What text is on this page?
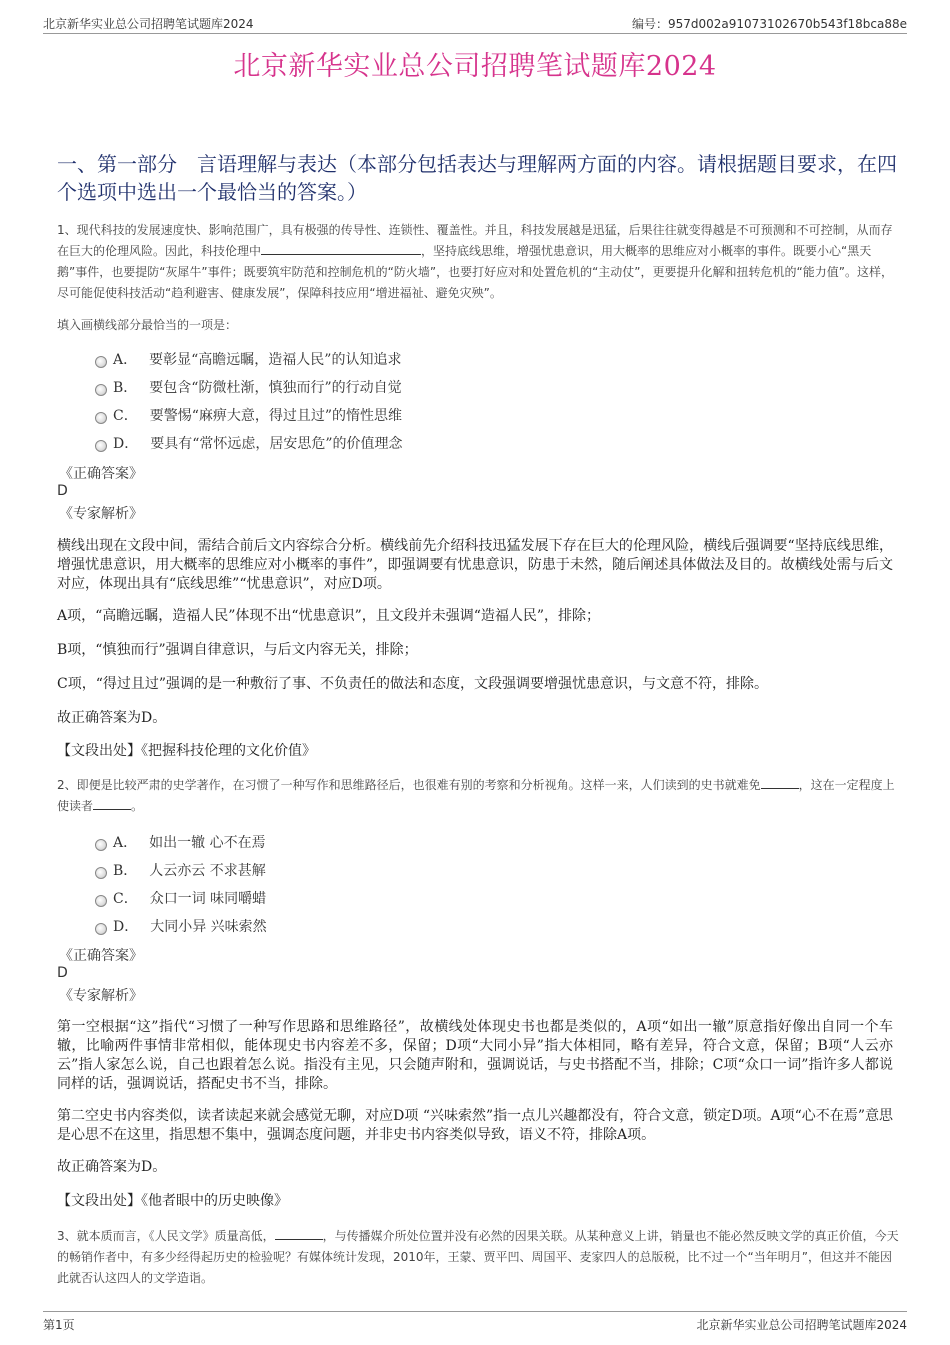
北京新华实业总公司招聘笔试题库2024	编号：957d002a91073102670b543f18bca88e
北京新华实业总公司招聘笔试题库2024
一、第一部分　言语理解与表达（本部分包括表达与理解两方面的内容。请根据题目要求，在四个选项中选出一个最恰当的答案。）
1、现代科技的发展速度快、影响范围广，具有极强的传导性、连锁性、覆盖性。并且，科技发展越是迅猛，后果往往就变得越是不可预测和不可控制，从而存在巨大的伦理风险。因此，科技伦理中	，坚持底线思维，增强忧患意识，用大概率的思维应对小概率的事件。既要小心“黑天鹅”事件，也要提防“灰犀牛”事件；既要筑牢防范和控制危机的“防火墙”，也要打好应对和处置危机的“主动仗”，更要提升化解和扭转危机的“能力值”。这样，尽可能促使科技活动“趋利避害、健康发展”，保障科技应用“增进福祉、避免灾殃”。
填入画横线部分最恰当的一项是：
A． 要彰显“高瞻远瞩，造福人民”的认知追求
B． 要包含“防微杜渐，慎独而行”的行动自觉
C． 要警惕“麻痹大意，得过且过”的惰性思维
D． 要具有“常怀远虑，居安思危”的价值理念
《正确答案》
D
《专家解析》
横线出现在文段中间，需结合前后文内容综合分析。横线前先介绍科技迅猛发展下存在巨大的伦理风险，横线后强调要“坚持底线思维，增强忧患意识，用大概率的思维应对小概率的事件”，即强调要有忧患意识，防患于未然，随后阐述具体做法及目的。故横线处需与后文对应，体现出具有“底线思维”“忧患意识”，对应D项。
A项，“高瞻远瞩，造福人民”体现不出“忧患意识”，且文段并未强调“造福人民”，排除；
B项，“慎独而行”强调自律意识，与后文内容无关，排除；
C项，“得过且过”强调的是一种敷衍了事、不负责任的做法和态度，文段强调要增强忧患意识，与文意不符，排除。
故正确答案为D。
【文段出处】《把握科技伦理的文化价值》
2、即便是比较严肃的史学著作，在习惯了一种写作和思维路径后，也很难有别的考察和分析视角。这样一来，人们读到的史书就难免	，这在一定程度上使读者	。
A． 如出一辙 心不在焉
B． 人云亦云 不求甚解
C． 众口一词 味同嚼蜡
D． 大同小异 兴味索然
《正确答案》
D
《专家解析》
第一空根据“这”指代“习惯了一种写作思路和思维路径”，故横线处体现史书也都是类似的，A项“如出一辙”原意指好像出自同一个车辙，比喻两件事情非常相似，能体现史书内容差不多，保留；D项“大同小异”指大体相同，略有差异，符合文意，保留；B项“人云亦云”指人家怎么说，自己也跟着怎么说。指没有主见，只会随声附和，强调说话，与史书搭配不当，排除；C项“众口一词”指许多人都说同样的话，强调说话，搭配史书不当，排除。
第二空史书内容类似，读者读起来就会感觉无聊，对应D项 “兴味索然”指一点儿兴趣都没有，符合文意，锁定D项。A项“心不在焉”意思是心思不在这里，指思想不集中，强调态度问题，并非史书内容类似导致，语义不符，排除A项。
故正确答案为D。
【文段出处】《他者眼中的历史映像》
3、就本质而言，《人民文学》质量高低，	，与传播媒介所处位置并没有必然的因果关联。从某种意义上讲，销量也不能必然反映文学的真正价值，今天的畅销作者中，有多少经得起历史的检验呢？有媒体统计发现，2010年，王蒙、贾平凹、周国平、麦家四人的总版税，比不过一个“当年明月”，但这并不能因此就否认这四人的文学造诣。
第1页	北京新华实业总公司招聘笔试题库2024
